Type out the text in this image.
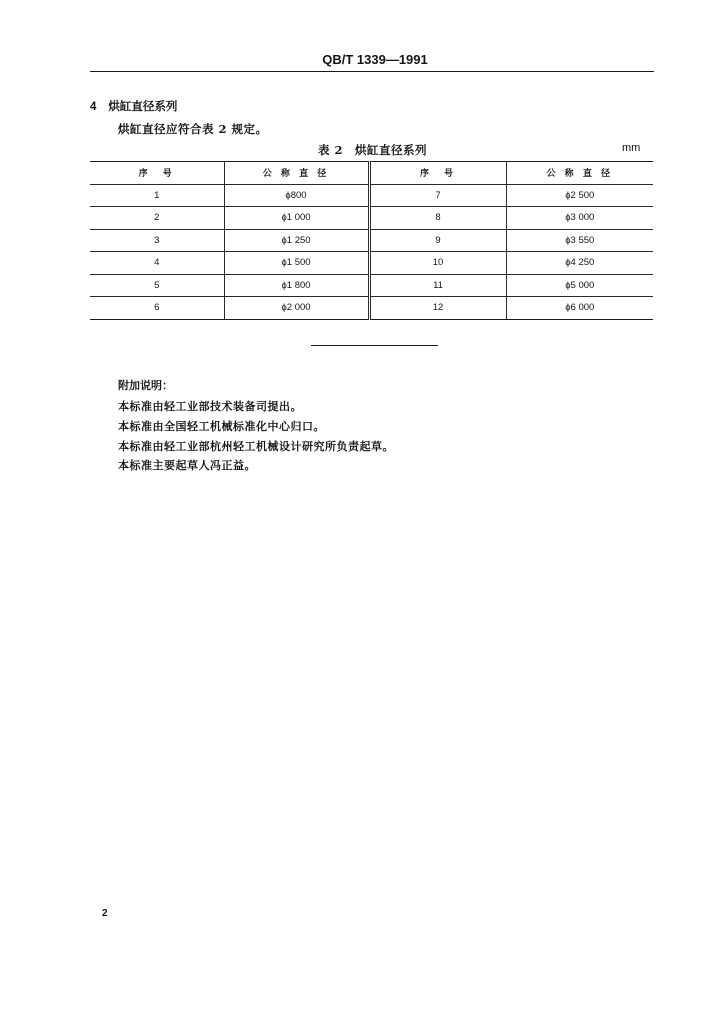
QB/T 1339—1991
4 烘缸直径系列
烘缸直径应符合表 2 规定。
表 2 烘缸直径系列	mm
序　号	公 称 直 径	序　号	公 称 直 径
1	ϕ800	7	ϕ2 500
2	ϕ1 000	8	ϕ3 000
3	ϕ1 250	9	ϕ3 550
4	ϕ1 500	10	ϕ4 250
5	ϕ1 800	11	ϕ5 000
6	ϕ2 000	12	ϕ6 000
附加说明：
本标准由轻工业部技术装备司提出。
本标准由全国轻工机械标准化中心归口。
本标准由轻工业部杭州轻工机械设计研究所负责起草。
本标准主要起草人冯正益。
2
